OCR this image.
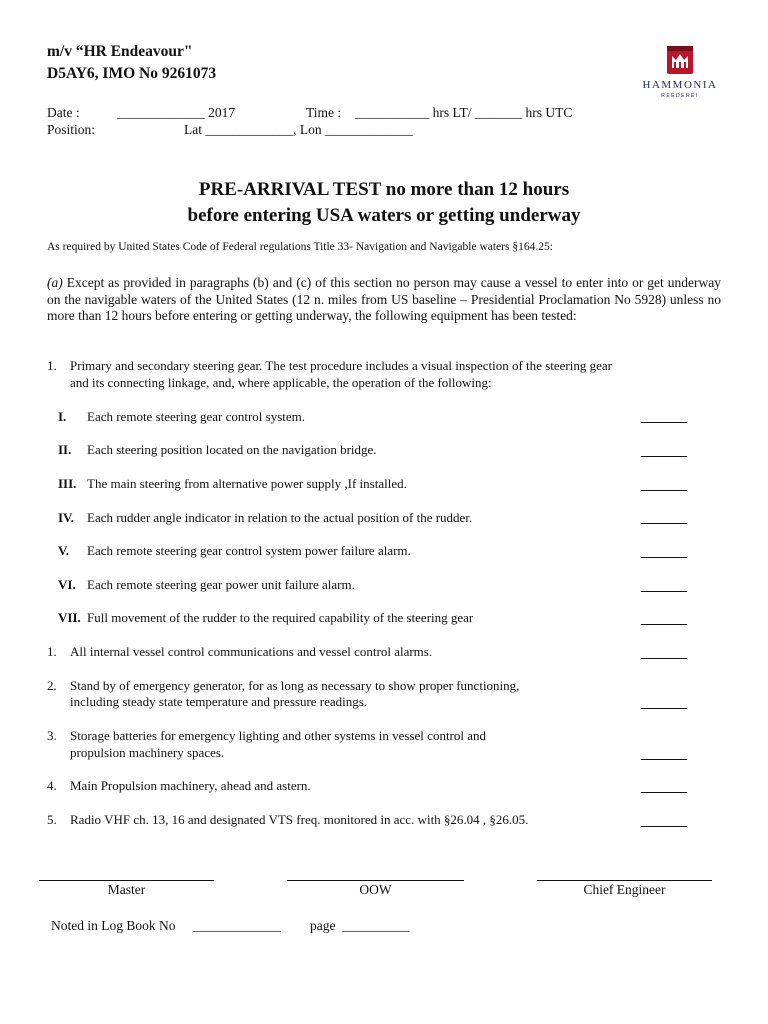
m/v “HR Endeavour"
D5AY6, IMO No 9261073
HAMMONIA
REEDEREI
Date :	_____________ 2017	Time : ___________ hrs LT/ _______ hrs UTC
Position:	Lat _____________, Lon _____________
PRE-ARRIVAL TEST no more than 12 hours
before entering USA waters or getting underway
As required by United States Code of Federal regulations Title 33- Navigation and Navigable waters §164.25:
(a) Except as provided in paragraphs (b) and (c) of this section no person may cause a vessel to enter into or get underway on the navigable waters of the United States (12 n. miles from US baseline – Presidential Proclamation No 5928) unless no more than 12 hours before entering or getting underway, the following equipment has been tested:
1. Primary and secondary steering gear. The test procedure includes a visual inspection of the steering gear
and its connecting linkage, and, where applicable, the operation of the following:
I. Each remote steering gear control system.
II. Each steering position located on the navigation bridge.
III. The main steering from alternative power supply ,If installed.
IV. Each rudder angle indicator in relation to the actual position of the rudder.
V. Each remote steering gear control system power failure alarm.
VI. Each remote steering gear power unit failure alarm.
VII. Full movement of the rudder to the required capability of the steering gear
1. All internal vessel control communications and vessel control alarms.
2. Stand by of emergency generator, for as long as necessary to show proper functioning,
including steady state temperature and pressure readings.
3. Storage batteries for emergency lighting and other systems in vessel control and
propulsion machinery spaces.
4. Main Propulsion machinery, ahead and astern.
5. Radio VHF ch. 13, 16 and designated VTS freq. monitored in acc. with §26.04 , §26.05.
Master	OOW	Chief Engineer
Noted in Log Book No _____________ page __________
